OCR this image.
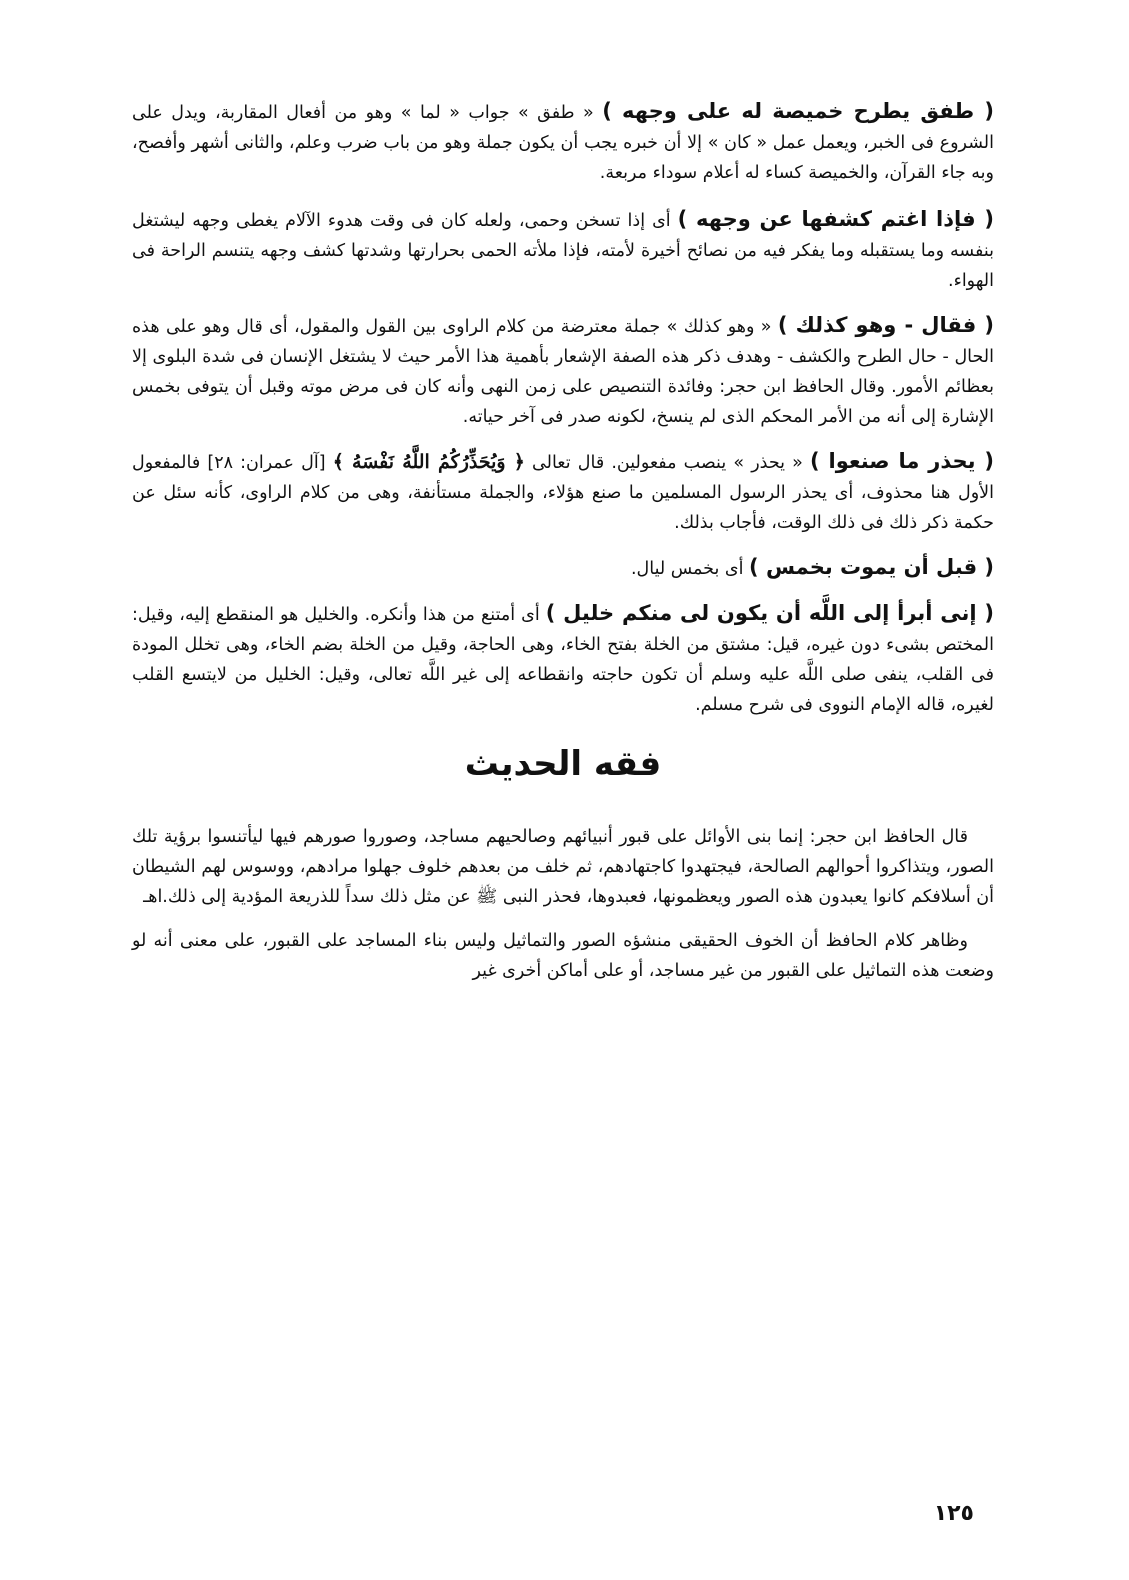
( طفق يطرح خميصة له على وجهه ) « طفق » جواب « لما » وهو من أفعال المقاربة، ويدل على الشروع فى الخبر، ويعمل عمل « كان » إلا أن خبره يجب أن يكون جملة وهو من باب ضرب وعلم، والثانى أشهر وأفصح، وبه جاء القرآن، والخميصة كساء له أعلام سوداء مربعة.

( فإذا اغتم كشفها عن وجهه ) أى إذا تسخن وحمى، ولعله كان فى وقت هدوء الآلام يغطى وجهه ليشتغل بنفسه وما يستقبله وما يفكر فيه من نصائح أخيرة لأمته، فإذا ملأته الحمى بحرارتها وشدتها كشف وجهه يتنسم الراحة فى الهواء.

( فقال - وهو كذلك ) « وهو كذلك » جملة معترضة من كلام الراوى بين القول والمقول، أى قال وهو على هذه الحال - حال الطرح والكشف - وهدف ذكر هذه الصفة الإشعار بأهمية هذا الأمر حيث لا يشتغل الإنسان فى شدة البلوى إلا بعظائم الأمور. وقال الحافظ ابن حجر: وفائدة التنصيص على زمن النهى وأنه كان فى مرض موته وقبل أن يتوفى بخمس الإشارة إلى أنه من الأمر المحكم الذى لم ينسخ، لكونه صدر فى آخر حياته.

( يحذر ما صنعوا ) « يحذر » ينصب مفعولين. قال تعالى ﴿ وَيُحَذِّرُكُمُ اللَّهُ نَفْسَهُ ﴾ [آل عمران: ٢٨] فالمفعول الأول هنا محذوف، أى يحذر الرسول المسلمين ما صنع هؤلاء، والجملة مستأنفة، وهى من كلام الراوى، كأنه سئل عن حكمة ذكر ذلك فى ذلك الوقت، فأجاب بذلك.

( قبل أن يموت بخمس ) أى بخمس ليال.

( إنى أبرأ إلى اللَّه أن يكون لى منكم خليل ) أى أمتنع من هذا وأنكره. والخليل هو المنقطع إليه، وقيل: المختص بشىء دون غيره، قيل: مشتق من الخلة بفتح الخاء، وهى الحاجة، وقيل من الخلة بضم الخاء، وهى تخلل المودة فى القلب، ينفى صلى اللَّه عليه وسلم أن تكون حاجته وانقطاعه إلى غير اللَّه تعالى، وقيل: الخليل من لايتسع القلب لغيره، قاله الإمام النووى فى شرح مسلم.

فقه الحديث

قال الحافظ ابن حجر: إنما بنى الأوائل على قبور أنبيائهم وصالحيهم مساجد، وصوروا صورهم فيها ليأتنسوا برؤية تلك الصور، ويتذاكروا أحوالهم الصالحة، فيجتهدوا كاجتهادهم، ثم خلف من بعدهم خلوف جهلوا مرادهم، ووسوس لهم الشيطان أن أسلافكم كانوا يعبدون هذه الصور ويعظمونها، فعبدوها، فحذر النبى ﷺ عن مثل ذلك سداً للذريعة المؤدية إلى ذلك.اهـ

وظاهر كلام الحافظ أن الخوف الحقيقى منشؤه الصور والتماثيل وليس بناء المساجد على القبور، على معنى أنه لو وضعت هذه التماثيل على القبور من غير مساجد، أو على أماكن أخرى غير

١٢٥
